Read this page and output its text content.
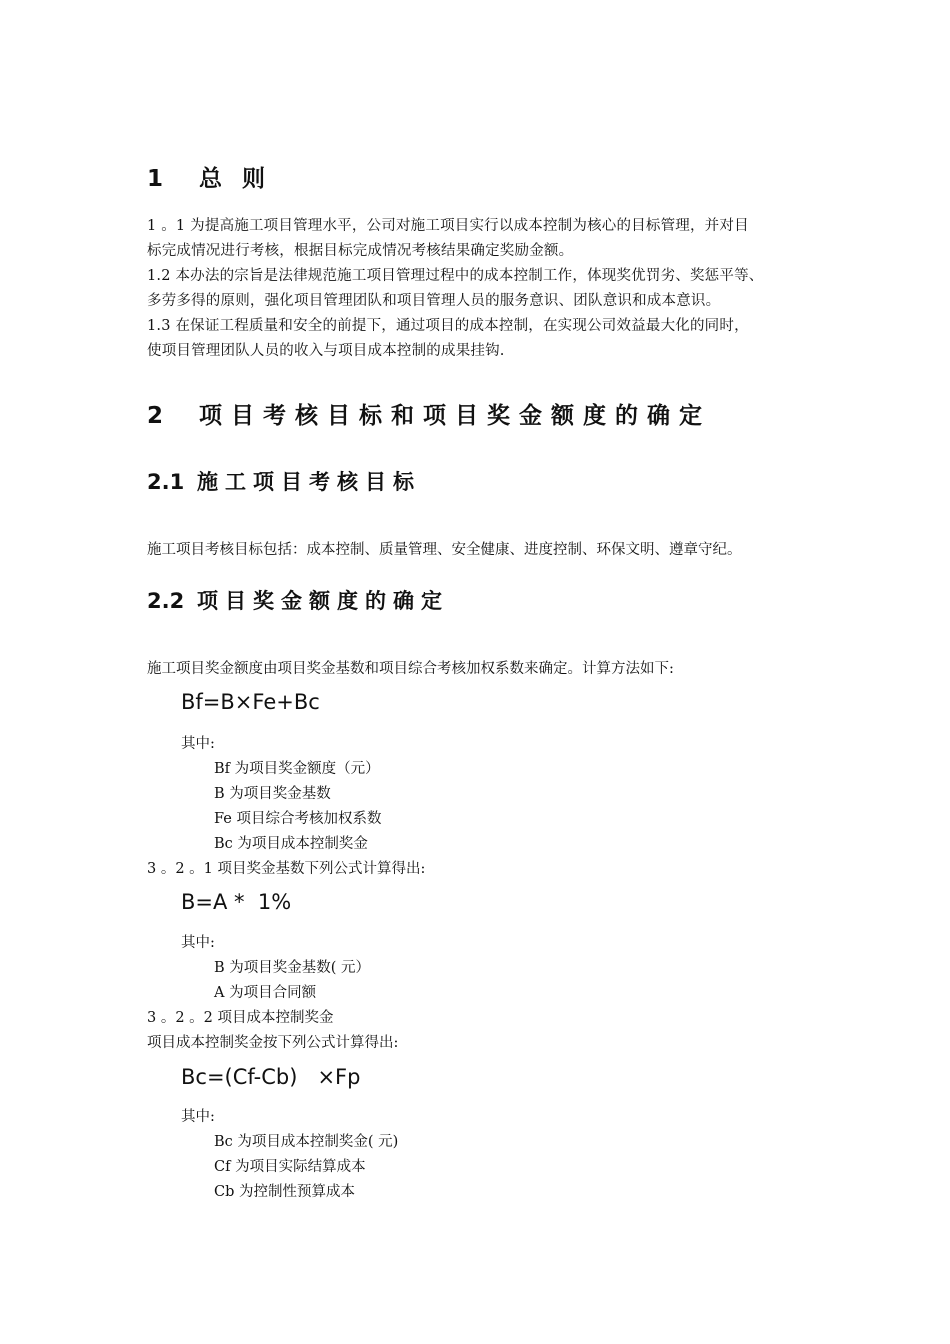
1 总 则

1 。1 为提高施工项目管理水平，公司对施工项目实行以成本控制为核心的目标管理，并对目

标完成情况进行考核，根据目标完成情况考核结果确定奖励金额。

1.2 本办法的宗旨是法律规范施工项目管理过程中的成本控制工作，体现奖优罚劣、奖惩平等、

多劳多得的原则，强化项目管理团队和项目管理人员的服务意识、团队意识和成本意识。

1.3 在保证工程质量和安全的前提下，通过项目的成本控制，在实现公司效益最大化的同时，

使项目管理团队人员的收入与项目成本控制的成果挂钩.

2 项目考核目标和项目奖金额度的确定
2.1 施工项目考核目标
施工项目考核目标包括：成本控制、质量管理、安全健康、进度控制、环保文明、遵章守纪。
2.2 项目奖金额度的确定
施工项目奖金额度由项目奖金基数和项目综合考核加权系数来确定。计算方法如下:
Bf=B×Fe+Bc
其中:
Bf 为项目奖金额度（元）
B 为项目奖金基数
Fe 项目综合考核加权系数
Bc 为项目成本控制奖金
3 。2 。1 项目奖金基数下列公式计算得出:
B=A *  1%
其中:
B 为项目奖金基数( 元）
A 为项目合同额
3 。2 。2 项目成本控制奖金
项目成本控制奖金按下列公式计算得出:
Bc=(Cf-Cb)   ×Fp
其中:
Bc 为项目成本控制奖金( 元)
Cf 为项目实际结算成本
Cb 为控制性预算成本
